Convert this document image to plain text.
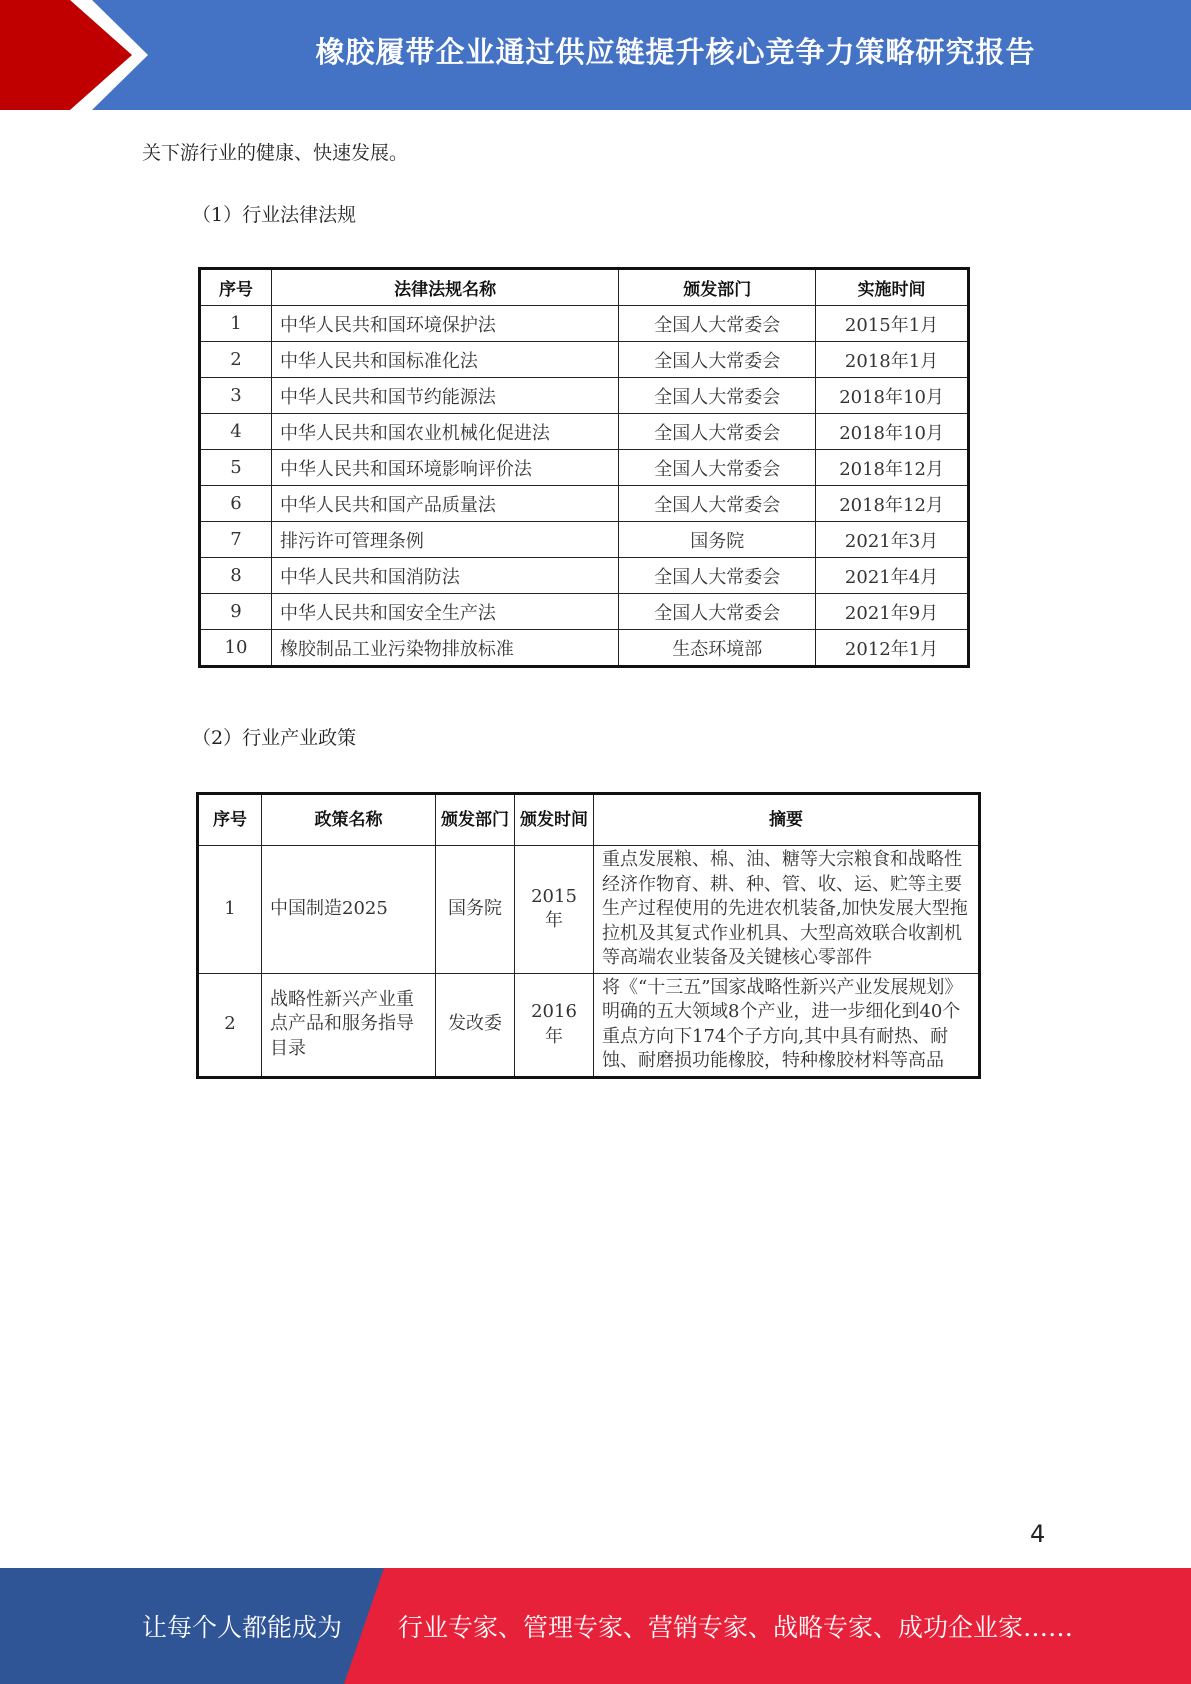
橡胶履带企业通过供应链提升核心竞争力策略研究报告
关下游行业的健康、快速发展。
（1）行业法律法规
序号	法律法规名称	颁发部门	实施时间
1	中华人民共和国环境保护法	全国人大常委会	2015年1月
2	中华人民共和国标准化法	全国人大常委会	2018年1月
3	中华人民共和国节约能源法	全国人大常委会	2018年10月
4	中华人民共和国农业机械化促进法	全国人大常委会	2018年10月
5	中华人民共和国环境影响评价法	全国人大常委会	2018年12月
6	中华人民共和国产品质量法	全国人大常委会	2018年12月
7	排污许可管理条例	国务院	2021年3月
8	中华人民共和国消防法	全国人大常委会	2021年4月
9	中华人民共和国安全生产法	全国人大常委会	2021年9月
10	橡胶制品工业污染物排放标准	生态环境部	2012年1月
（2）行业产业政策
序号	政策名称	颁发部门	颁发时间	摘要
1	中国制造2025	国务院	2015年	重点发展粮、棉、油、糖等大宗粮食和战略性经济作物育、耕、种、管、收、运、贮等主要生产过程使用的先进农机装备,加快发展大型拖拉机及其复式作业机具、大型高效联合收割机等高端农业装备及关键核心零部件
2	战略性新兴产业重点产品和服务指导目录	发改委	2016年	将《“十三五”国家战略性新兴产业发展规划》明确的五大领域8个产业，进一步细化到40个重点方向下174个子方向,其中具有耐热、耐蚀、耐磨损功能橡胶，特种橡胶材料等高品
4
让每个人都能成为 行业专家、管理专家、营销专家、战略专家、成功企业家……
